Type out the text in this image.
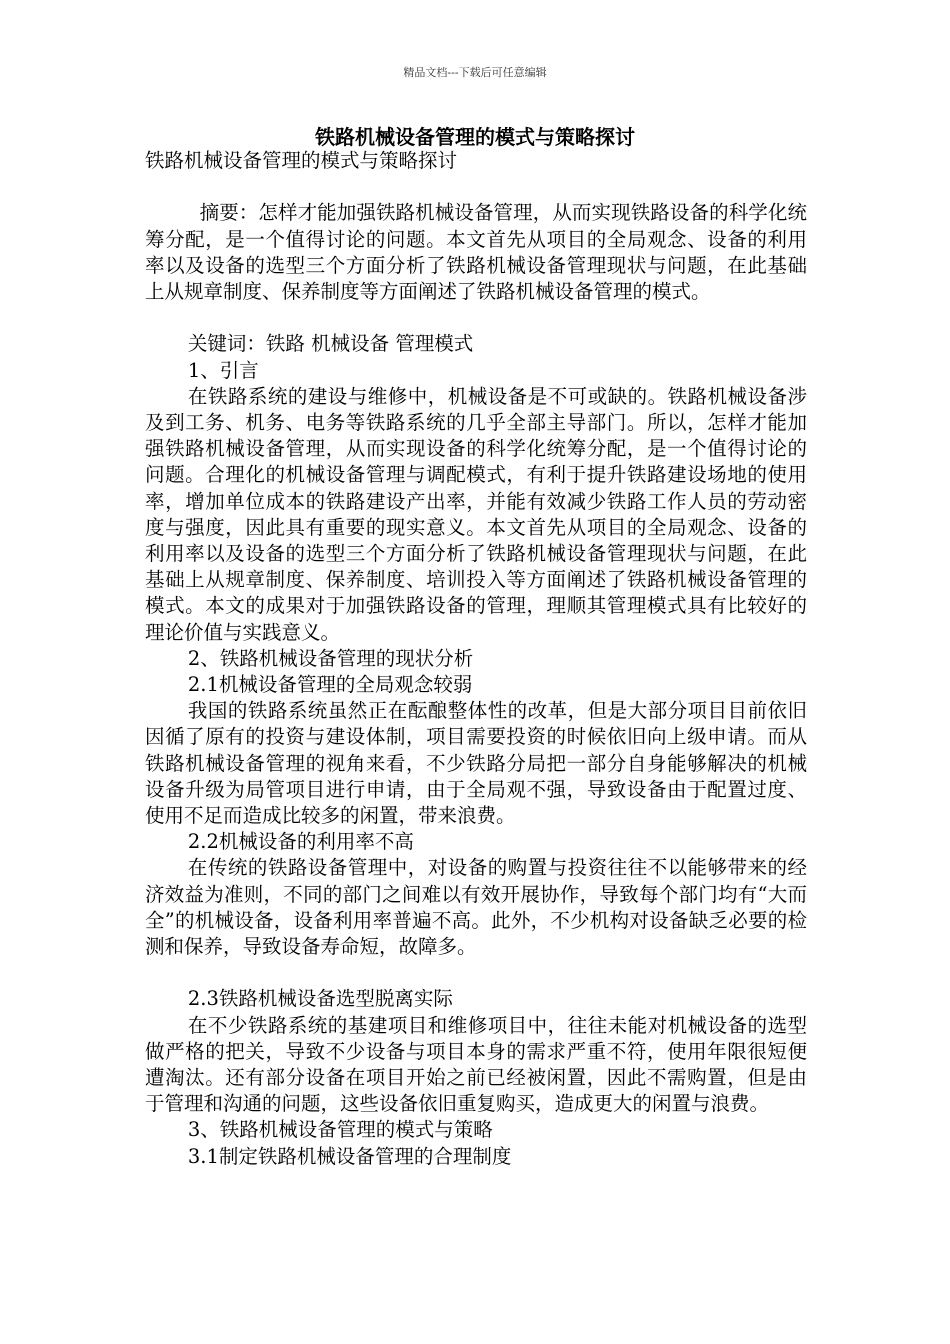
精品文档---下载后可任意编辑
铁路机械设备管理的模式与策略探讨

铁路机械设备管理的模式与策略探讨

摘要：怎样才能加强铁路机械设备管理，从而实现铁路设备的科学化统筹分配，是一个值得讨论的问题。本文首先从项目的全局观念、设备的利用率以及设备的选型三个方面分析了铁路机械设备管理现状与问题，在此基础上从规章制度、保养制度等方面阐述了铁路机械设备管理的模式。

关键词：铁路 机械设备 管理模式

1、引言

在铁路系统的建设与维修中，机械设备是不可或缺的。铁路机械设备涉及到工务、机务、电务等铁路系统的几乎全部主导部门。所以，怎样才能加强铁路机械设备管理，从而实现设备的科学化统筹分配，是一个值得讨论的问题。合理化的机械设备管理与调配模式，有利于提升铁路建设场地的使用率，增加单位成本的铁路建设产出率，并能有效减少铁路工作人员的劳动密度与强度，因此具有重要的现实意义。本文首先从项目的全局观念、设备的利用率以及设备的选型三个方面分析了铁路机械设备管理现状与问题，在此基础上从规章制度、保养制度、培训投入等方面阐述了铁路机械设备管理的模式。本文的成果对于加强铁路设备的管理，理顺其管理模式具有比较好的理论价值与实践意义。

2、铁路机械设备管理的现状分析

2.1机械设备管理的全局观念较弱

我国的铁路系统虽然正在酝酿整体性的改革，但是大部分项目目前依旧因循了原有的投资与建设体制，项目需要投资的时候依旧向上级申请。而从铁路机械设备管理的视角来看，不少铁路分局把一部分自身能够解决的机械设备升级为局管项目进行申请，由于全局观不强，导致设备由于配置过度、使用不足而造成比较多的闲置，带来浪费。

2.2机械设备的利用率不高

在传统的铁路设备管理中，对设备的购置与投资往往不以能够带来的经济效益为准则，不同的部门之间难以有效开展协作，导致每个部门均有“大而全”的机械设备，设备利用率普遍不高。此外，不少机构对设备缺乏必要的检测和保养，导致设备寿命短，故障多。

2.3铁路机械设备选型脱离实际

在不少铁路系统的基建项目和维修项目中，往往未能对机械设备的选型做严格的把关，导致不少设备与项目本身的需求严重不符，使用年限很短便遭淘汰。还有部分设备在项目开始之前已经被闲置，因此不需购置，但是由于管理和沟通的问题，这些设备依旧重复购买，造成更大的闲置与浪费。

3、铁路机械设备管理的模式与策略

3.1制定铁路机械设备管理的合理制度
